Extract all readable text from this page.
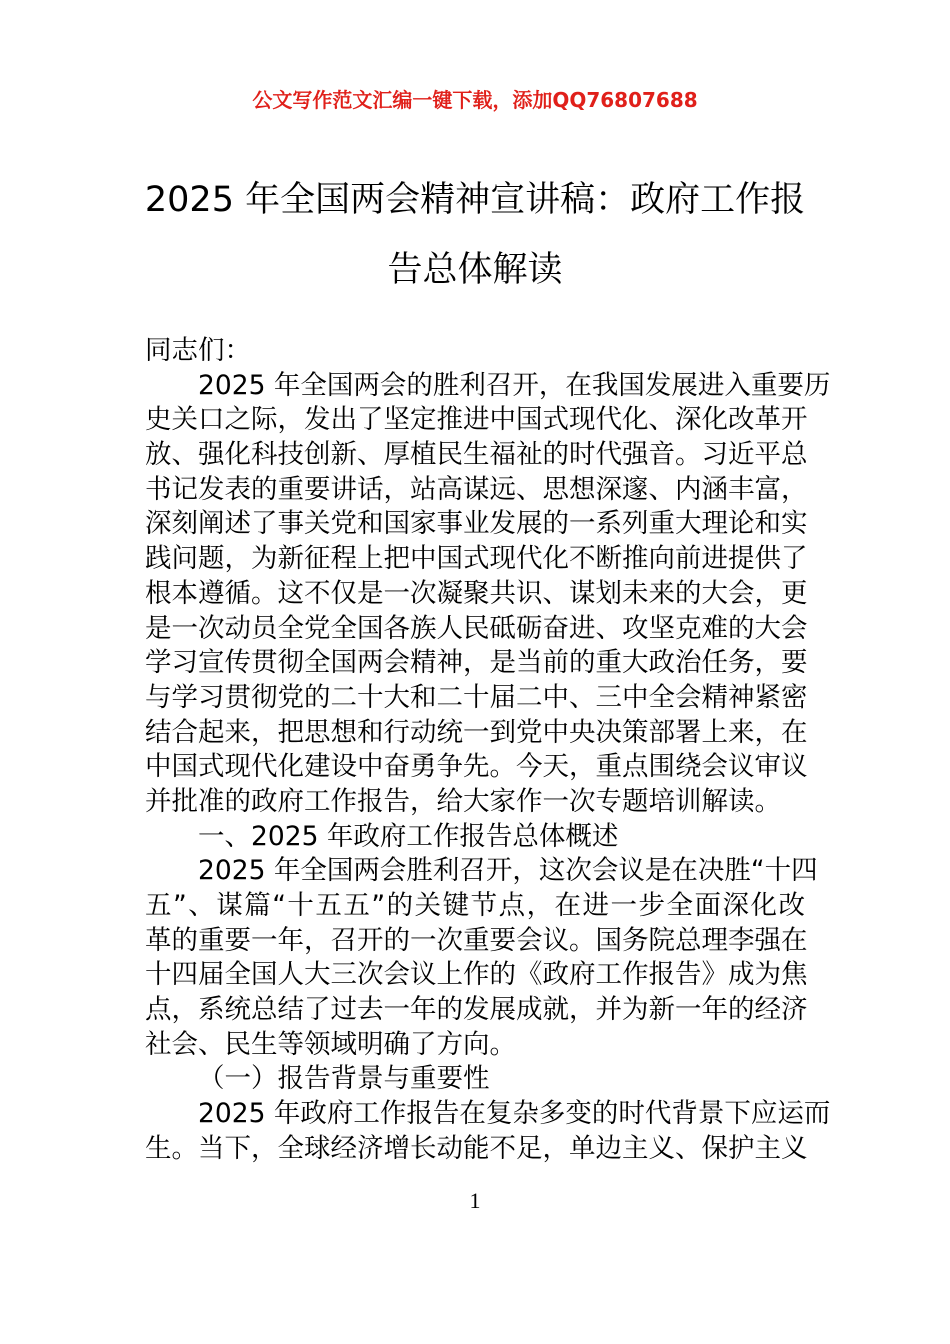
公文写作范文汇编一键下载，添加QQ76807688
2025 年全国两会精神宣讲稿：政府工作报
告总体解读
同志们：
2025 年全国两会的胜利召开，在我国发展进入重要历
史关口之际，发出了坚定推进中国式现代化、深化改革开
放、强化科技创新、厚植民生福祉的时代强音。习近平总
书记发表的重要讲话，站高谋远、思想深邃、内涵丰富，
深刻阐述了事关党和国家事业发展的一系列重大理论和实
践问题，为新征程上把中国式现代化不断推向前进提供了
根本遵循。这不仅是一次凝聚共识、谋划未来的大会，更
是一次动员全党全国各族人民砥砺奋进、攻坚克难的大会
学习宣传贯彻全国两会精神，是当前的重大政治任务，要
与学习贯彻党的二十大和二十届二中、三中全会精神紧密
结合起来，把思想和行动统一到党中央决策部署上来，在
中国式现代化建设中奋勇争先。今天，重点围绕会议审议
并批准的政府工作报告，给大家作一次专题培训解读。
一、2025 年政府工作报告总体概述
2025 年全国两会胜利召开，这次会议是在决胜“十四
五”、谋篇“十五五”的关键节点，在进一步全面深化改
革的重要一年，召开的一次重要会议。国务院总理李强在
十四届全国人大三次会议上作的《政府工作报告》成为焦
点，系统总结了过去一年的发展成就，并为新一年的经济
社会、民生等领域明确了方向。
（一）报告背景与重要性
2025 年政府工作报告在复杂多变的时代背景下应运而
生。当下，全球经济增长动能不足，单边主义、保护主义
1
